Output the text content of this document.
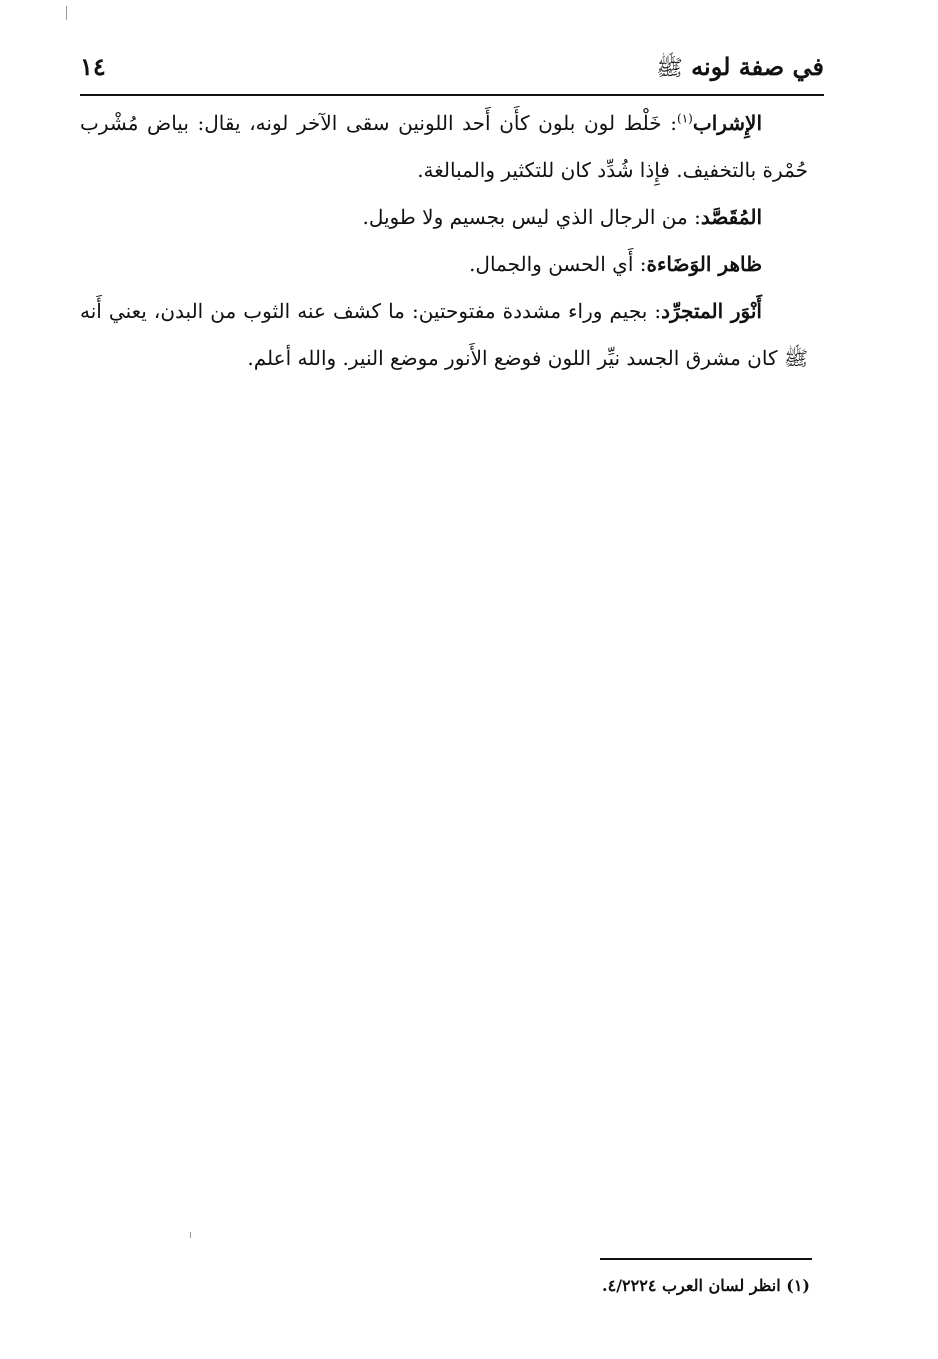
في صفة لونه ﷺ
١٤

الإِشراب$^{(١)}$: خَلْط لون بلون كأَن أَحد اللونين سقى الآخر لونه، يقال: بياض مُشْرب حُمْرة بالتخفيف. فإِذا شُدِّد كان للتكثير والمبالغة.

المُقَصَّد: من الرجال الذي ليس بجسيم ولا طويل.

ظاهر الوَضَاءة: أَي الحسن والجمال.

أَنْوَر المتجرِّد: بجيم وراء مشددة مفتوحتين: ما كشف عنه الثوب من البدن، يعني أَنه ﷺ كان مشرق الجسد نيِّر اللون فوضع الأَنور موضع النير. والله أعلم.

(١) انظر لسان العرب ٤/٢٢٢٤.
